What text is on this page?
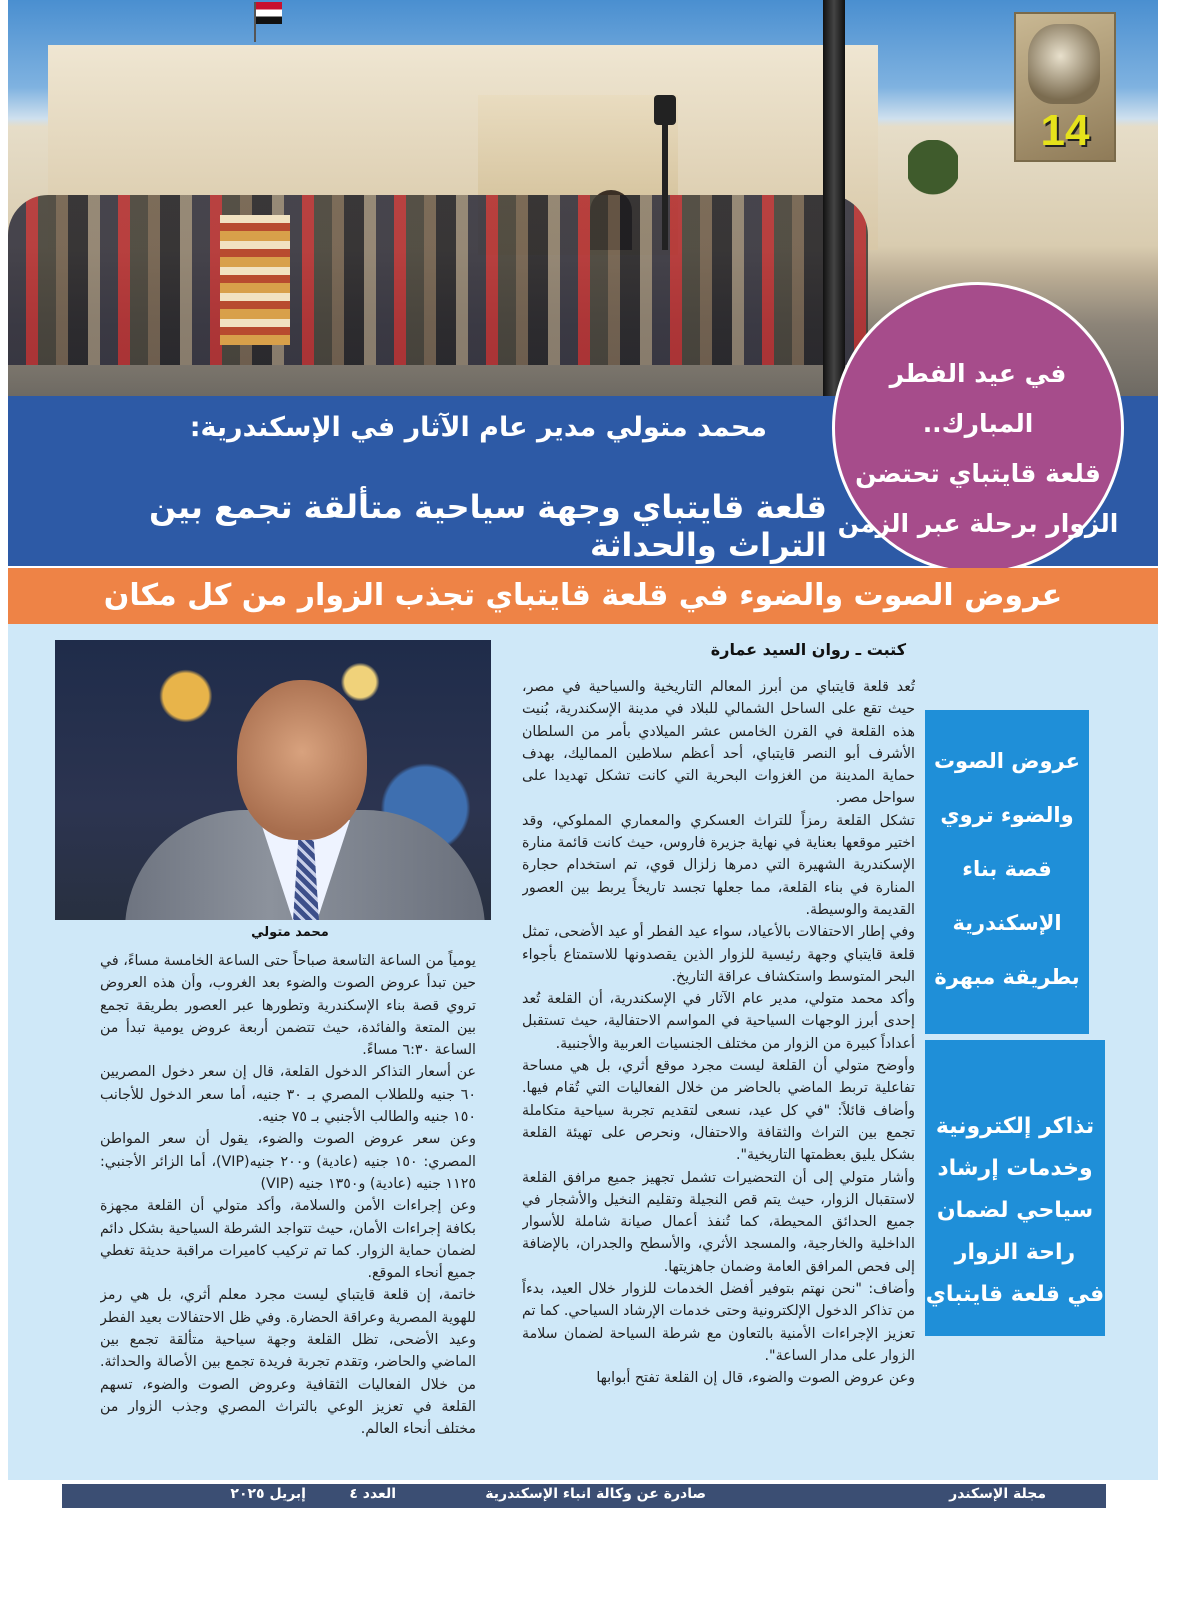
14
محمد متولي مدير عام الآثار في الإسكندرية:
قلعة قايتباي وجهة سياحية متألقة تجمع بين التراث والحداثة
في عيد الفطر المبارك..
قلعة قايتباي تحتضن
الزوار برحلة عبر الزمن
عروض الصوت والضوء في قلعة قايتباي تجذب الزوار من كل مكان
كتبت ـ روان السيد عمارة

تُعد قلعة قايتباي من أبرز المعالم التاريخية والسياحية في مصر، حيث تقع على الساحل الشمالي للبلاد في مدينة الإسكندرية، بُنيت هذه القلعة في القرن الخامس عشر الميلادي بأمر من السلطان الأشرف أبو النصر قايتباي، أحد أعظم سلاطين المماليك، بهدف حماية المدينة من الغزوات البحرية التي كانت تشكل تهديدا على سواحل مصر.

تشكل القلعة رمزاً للتراث العسكري والمعماري المملوكي، وقد اختير موقعها بعناية في نهاية جزيرة فاروس، حيث كانت قائمة منارة الإسكندرية الشهيرة التي دمرها زلزال قوي، تم استخدام حجارة المنارة في بناء القلعة، مما جعلها تجسد تاريخاً يربط بين العصور القديمة والوسيطة.

وفي إطار الاحتفالات بالأعياد، سواء عيد الفطر أو عيد الأضحى، تمثل قلعة قايتباي وجهة رئيسية للزوار الذين يقصدونها للاستمتاع بأجواء البحر المتوسط واستكشاف عراقة التاريخ.

وأكد محمد متولي، مدير عام الآثار في الإسكندرية، أن القلعة تُعد إحدى أبرز الوجهات السياحية في المواسم الاحتفالية، حيث تستقبل أعداداً كبيرة من الزوار من مختلف الجنسيات العربية والأجنبية.

وأوضح متولي أن القلعة ليست مجرد موقع أثري، بل هي مساحة تفاعلية تربط الماضي بالحاضر من خلال الفعاليات التي تُقام فيها. وأضاف قائلاً: "في كل عيد، نسعى لتقديم تجربة سياحية متكاملة تجمع بين التراث والثقافة والاحتفال، ونحرص على تهيئة القلعة بشكل يليق بعظمتها التاريخية".

وأشار متولي إلى أن التحضيرات تشمل تجهيز جميع مرافق القلعة لاستقبال الزوار، حيث يتم قص النجيلة وتقليم النخيل والأشجار في جميع الحدائق المحيطة، كما تُنفذ أعمال صيانة شاملة للأسوار الداخلية والخارجية، والمسجد الأثري، والأسطح والجدران، بالإضافة إلى فحص المرافق العامة وضمان جاهزيتها.

وأضاف: "نحن نهتم بتوفير أفضل الخدمات للزوار خلال العيد، بدءاً من تذاكر الدخول الإلكترونية وحتى خدمات الإرشاد السياحي. كما تم تعزيز الإجراءات الأمنية بالتعاون مع شرطة السياحة لضمان سلامة الزوار على مدار الساعة".

وعن عروض الصوت والضوء، قال إن القلعة تفتح أبوابها

محمد متولي

يومياً من الساعة التاسعة صباحاً حتى الساعة الخامسة مساءً، في حين تبدأ عروض الصوت والضوء بعد الغروب، وأن هذه العروض تروي قصة بناء الإسكندرية وتطورها عبر العصور بطريقة تجمع بين المتعة والفائدة، حيث تتضمن أربعة عروض يومية تبدأ من الساعة ٦:٣٠ مساءً.

عن أسعار التذاكر الدخول القلعة، قال إن سعر دخول المصريين ٦٠ جنيه وللطلاب المصري بـ ٣٠ جنيه، أما سعر الدخول للأجانب ١٥٠ جنيه والطالب الأجنبي بـ ٧٥ جنيه.

وعن سعر عروض الصوت والضوء، يقول أن سعر المواطن المصري: ١٥٠ جنيه (عادية) و٢٠٠ جنيه(VIP)، أما الزائر الأجنبي: ١١٢٥ جنيه (عادية) و١٣٥٠ جنيه (VIP)

وعن إجراءات الأمن والسلامة، وأكد متولي أن القلعة مجهزة بكافة إجراءات الأمان، حيث تتواجد الشرطة السياحية بشكل دائم لضمان حماية الزوار. كما تم تركيب كاميرات مراقبة حديثة تغطي جميع أنحاء الموقع.

خاتمة، إن قلعة قايتباي ليست مجرد معلم أثري، بل هي رمز للهوية المصرية وعراقة الحضارة. وفي ظل الاحتفالات بعيد الفطر وعيد الأضحى، تظل القلعة وجهة سياحية متألقة تجمع بين الماضي والحاضر، وتقدم تجربة فريدة تجمع بين الأصالة والحداثة. من خلال الفعاليات الثقافية وعروض الصوت والضوء، تسهم القلعة في تعزيز الوعي بالتراث المصري وجذب الزوار من مختلف أنحاء العالم.

عروض الصوت
والضوء تروي
قصة بناء
الإسكندرية
بطريقة مبهرة
تذاكر إلكترونية
وخدمات إرشاد
سياحي لضمان
راحة الزوار
في قلعة قايتباي
مجلة الإسكندر
صادرة عن وكالة انباء الإسكندرية
العدد ٤
إبريل ٢٠٢٥
